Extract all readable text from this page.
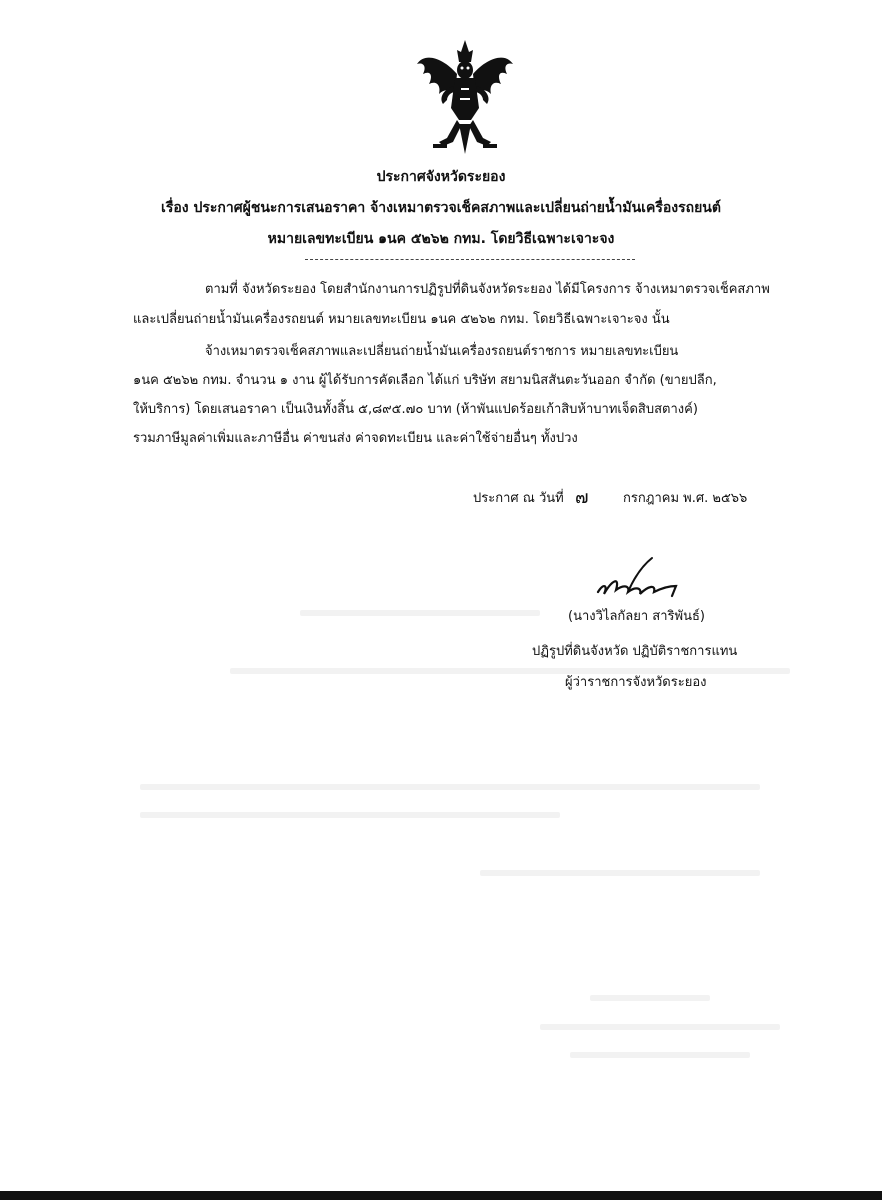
ประกาศจังหวัดระยอง
เรื่อง ประกาศผู้ชนะการเสนอราคา จ้างเหมาตรวจเช็คสภาพและเปลี่ยนถ่ายน้ำมันเครื่องรถยนต์
หมายเลขทะเบียน ๑นค ๕๒๖๒ กทม. โดยวิธีเฉพาะเจาะจง
ตามที่ จังหวัดระยอง โดยสำนักงานการปฏิรูปที่ดินจังหวัดระยอง ได้มีโครงการ จ้างเหมาตรวจเช็คสภาพ
และเปลี่ยนถ่ายน้ำมันเครื่องรถยนต์ หมายเลขทะเบียน ๑นค ๕๒๖๒ กทม. โดยวิธีเฉพาะเจาะจง นั้น
จ้างเหมาตรวจเช็คสภาพและเปลี่ยนถ่ายน้ำมันเครื่องรถยนต์ราชการ หมายเลขทะเบียน
๑นค ๕๒๖๒ กทม. จำนวน ๑ งาน ผู้ได้รับการคัดเลือก ได้แก่ บริษัท สยามนิสสันตะวันออก จำกัด (ขายปลีก,
ให้บริการ) โดยเสนอราคา เป็นเงินทั้งสิ้น ๕,๘๙๕.๗๐ บาท (ห้าพันแปดร้อยเก้าสิบห้าบาทเจ็ดสิบสตางค์)
รวมภาษีมูลค่าเพิ่มและภาษีอื่น ค่าขนส่ง ค่าจดทะเบียน และค่าใช้จ่ายอื่นๆ ทั้งปวง
ประกาศ ณ วันที่ ๗	กรกฎาคม พ.ศ. ๒๕๖๖
(นางวิไลกัลยา สาริพันธ์)
ปฏิรูปที่ดินจังหวัด ปฏิบัติราชการแทน
ผู้ว่าราชการจังหวัดระยอง
